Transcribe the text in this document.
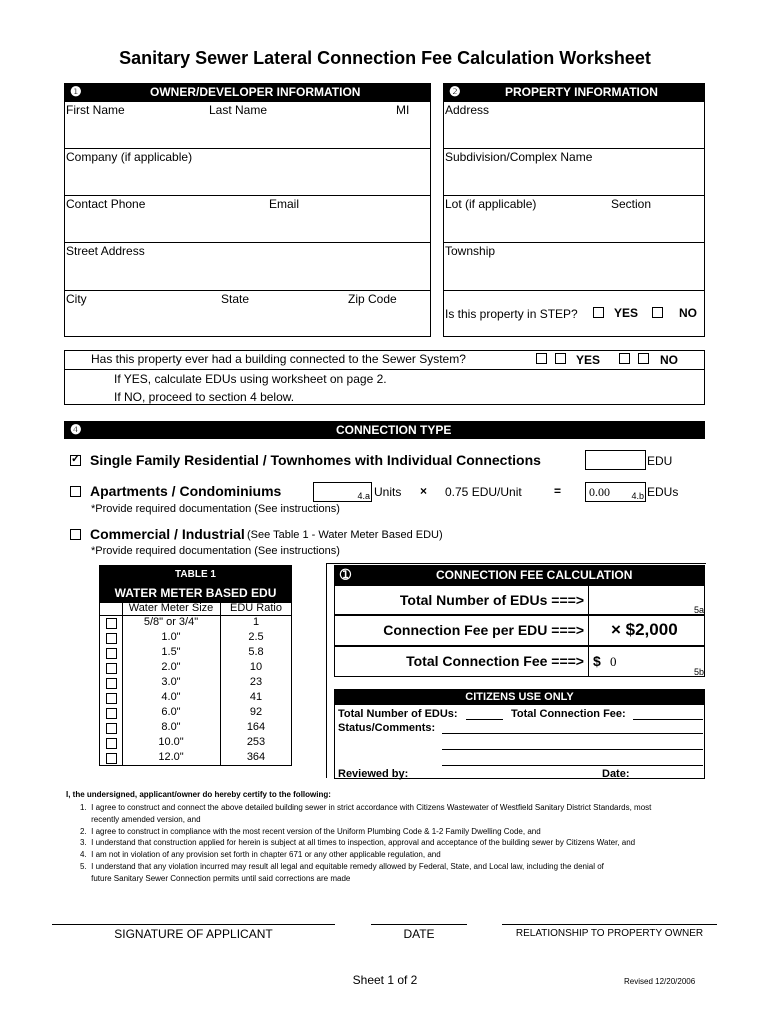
Sanitary Sewer Lateral Connection Fee Calculation Worksheet
❶	OWNER/DEVELOPER INFORMATION
First Name	Last Name	MI
Company (if applicable)
Contact Phone	Email
Street Address
City	State	Zip Code
❷	PROPERTY INFORMATION
Address
Subdivision/Complex Name
Lot (if applicable)	Section
Township
Is this property in STEP?	YES	NO
Has this property ever had a building connected to the Sewer System?	YES	NO
If YES, calculate EDUs using worksheet on page 2.
If NO, proceed to section 4 below.
❹	CONNECTION TYPE
✓
Single Family Residential / Townhomes with Individual Connections	EDU
Apartments / Condominiums	4.a Units × 0.75 EDU/Unit	= 0.00 4.b EDUs
*Provide required documentation (See instructions)
Commercial / Industrial (See Table 1 - Water Meter Based EDU)
*Provide required documentation (See instructions)
TABLE 1
WATER METER BASED EDU
Water Meter Size	EDU Ratio
5/8" or 3/4"	1
1.0"	2.5
1.5"	5.8
2.0"	10
3.0"	23
4.0"	41
6.0"	92
8.0"	164
10.0"	253
12.0"	364
➀	CONNECTION FEE CALCULATION
Total Number of EDUs ===>
5a
Connection Fee per EDU ===> × $2,000
Total Connection Fee ===> $ 0
5b
CITIZENS USE ONLY
Total Number of EDUs:	Total Connection Fee:
Status/Comments:
Reviewed by:	Date:
I, the undersigned, applicant/owner do hereby certify to the following:
1.  I agree to construct and connect the above detailed building sewer in strict accordance with Citizens Wastewater of Westfield Sanitary District Standards, most
recently amended version, and
2.  I agree to construct in compliance with the most recent version of the Uniform Plumbing Code & 1-2 Family Dwelling Code, and
3.  I understand that construction applied for herein is subject at all times to inspection, approval and acceptance of the building sewer by Citizens Water, and
4.  I am not in violation of any provision set forth in chapter 671 or any other applicable regulation, and
5.  I understand that any violation incurred may result all legal and equitable remedy allowed by Federal, State, and Local law, including the denial of
future Sanitary Sewer Connection permits until said corrections are made
SIGNATURE OF APPLICANT	DATE	RELATIONSHIP TO PROPERTY OWNER
Sheet 1 of 2	Revised 12/20/2006
